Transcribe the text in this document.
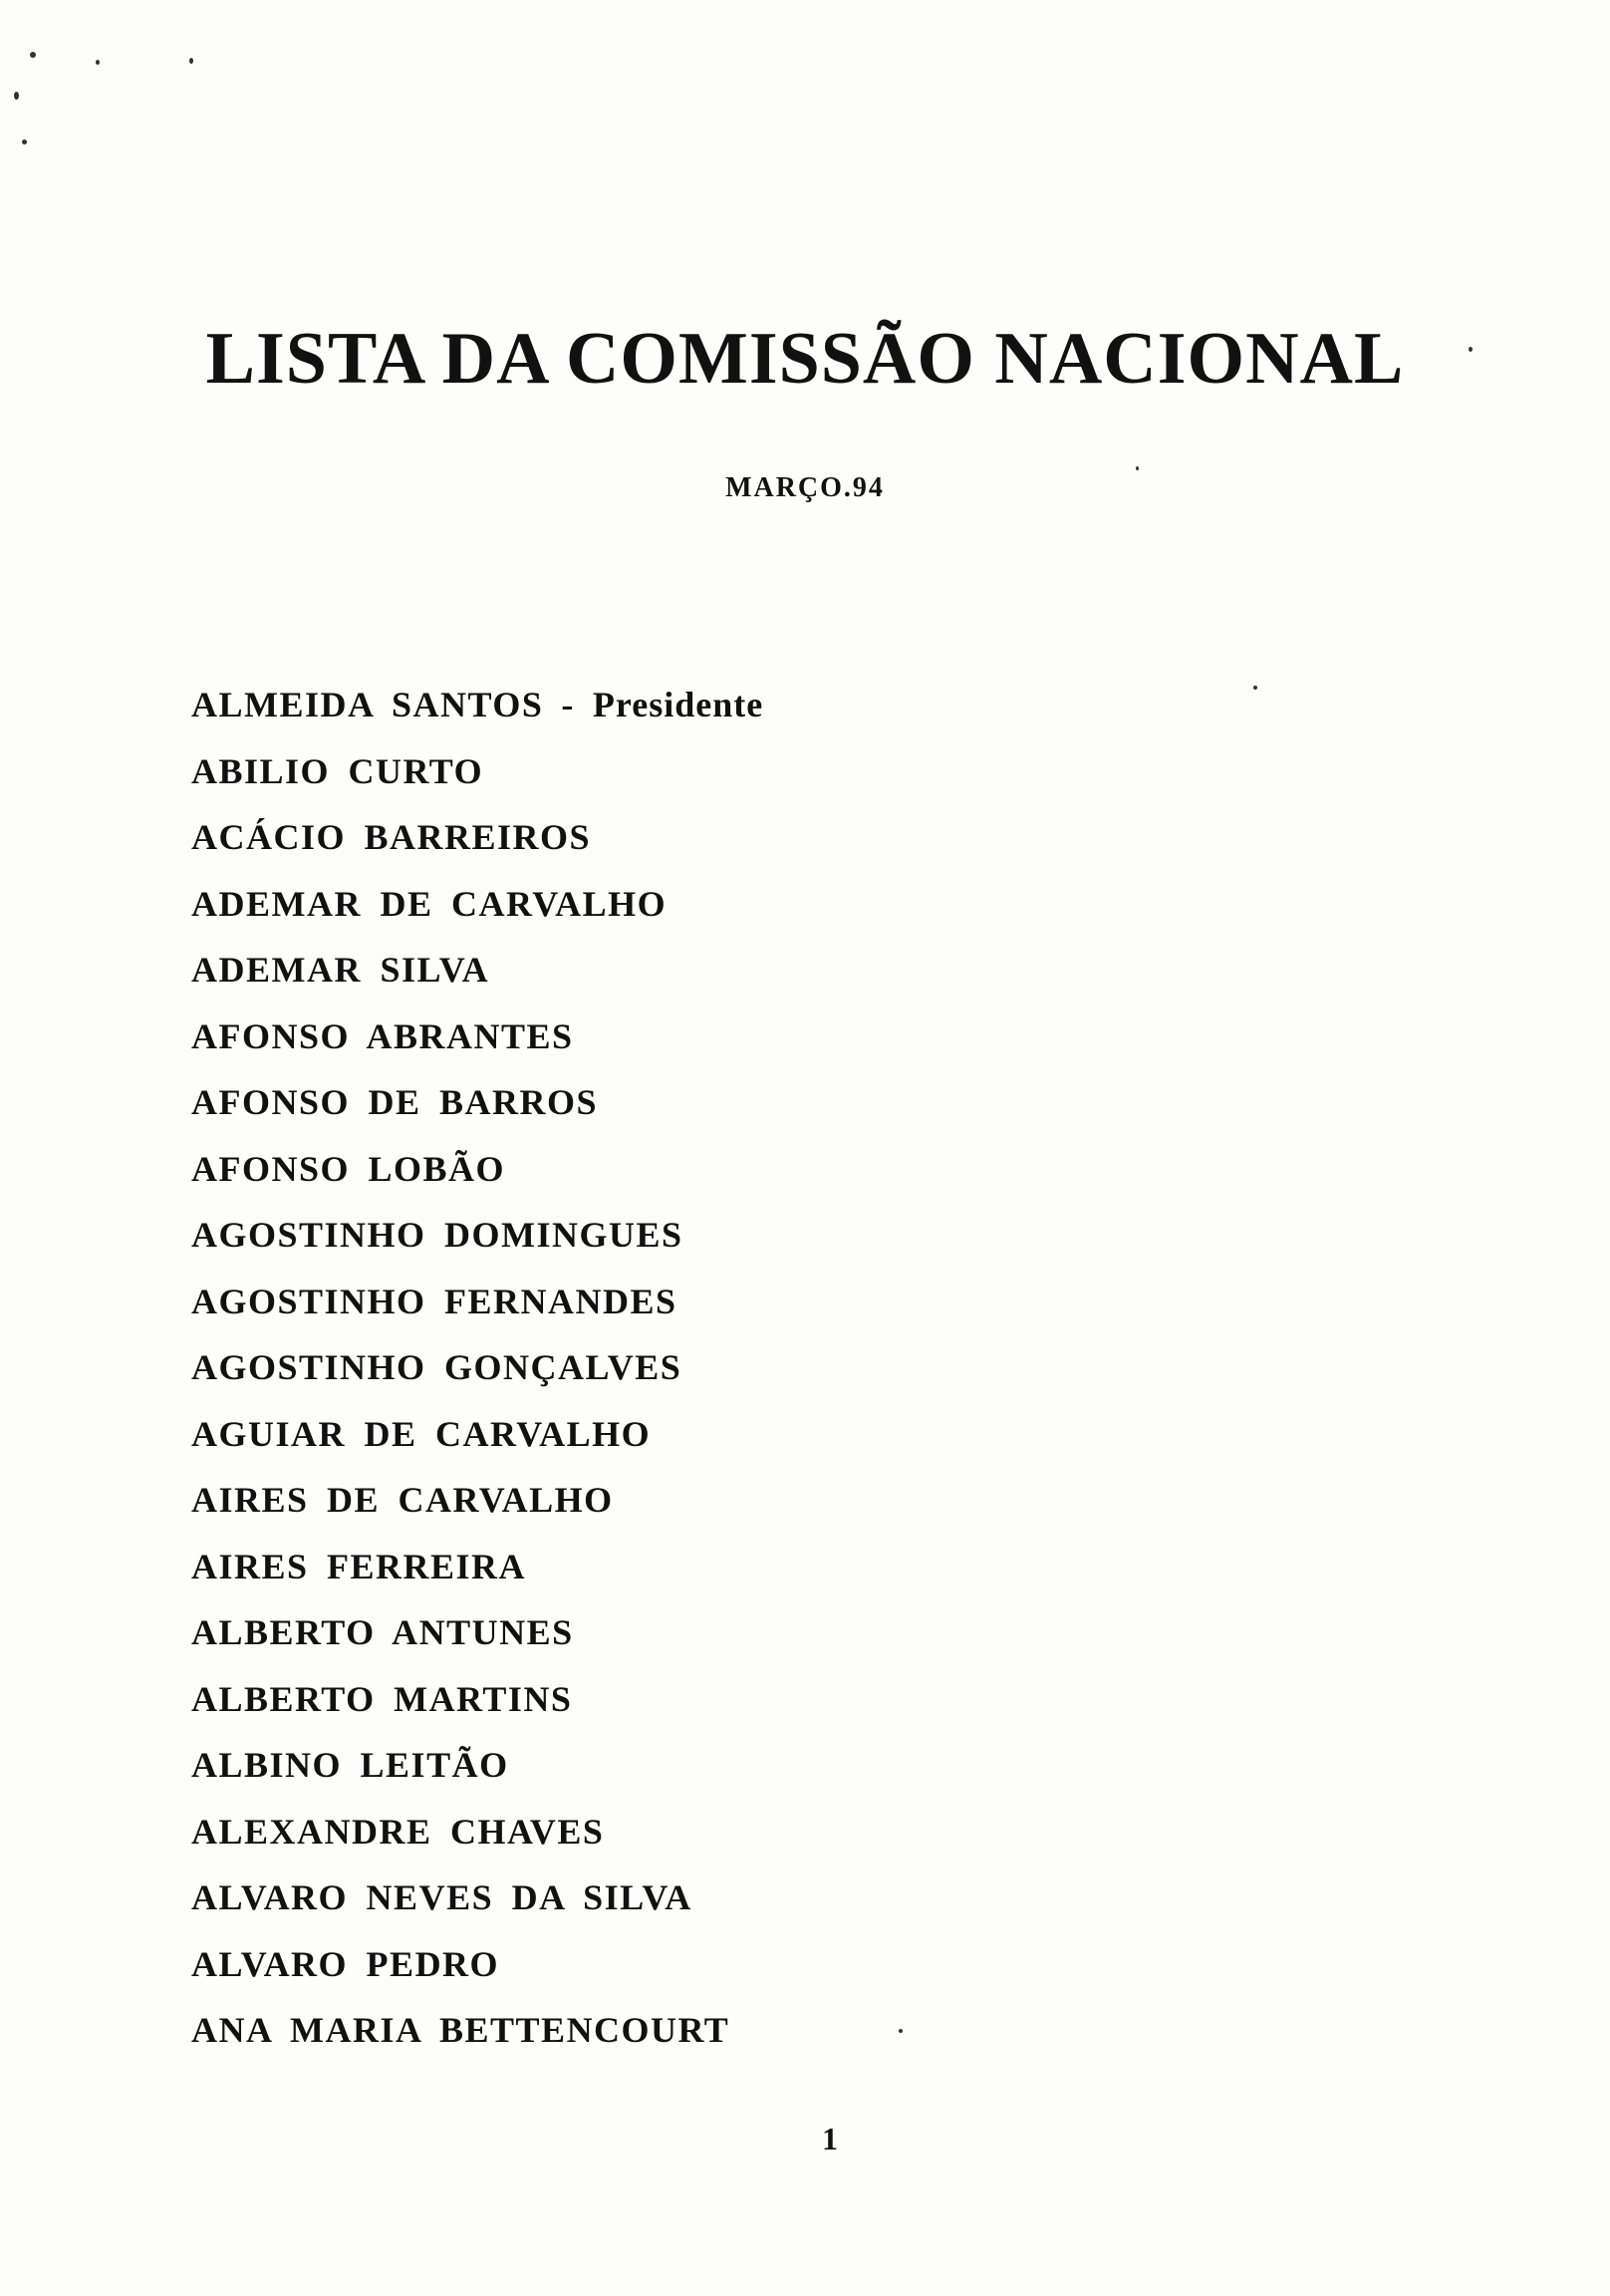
LISTA DA COMISSÃO NACIONAL
MARÇO.94
ALMEIDA SANTOS - Presidente
ABILIO CURTO
ACÁCIO BARREIROS
ADEMAR DE CARVALHO
ADEMAR SILVA
AFONSO ABRANTES
AFONSO DE BARROS
AFONSO LOBÃO
AGOSTINHO DOMINGUES
AGOSTINHO FERNANDES
AGOSTINHO GONÇALVES
AGUIAR DE CARVALHO
AIRES DE CARVALHO
AIRES FERREIRA
ALBERTO ANTUNES
ALBERTO MARTINS
ALBINO LEITÃO
ALEXANDRE CHAVES
ALVARO NEVES DA SILVA
ALVARO PEDRO
ANA MARIA BETTENCOURT
1
